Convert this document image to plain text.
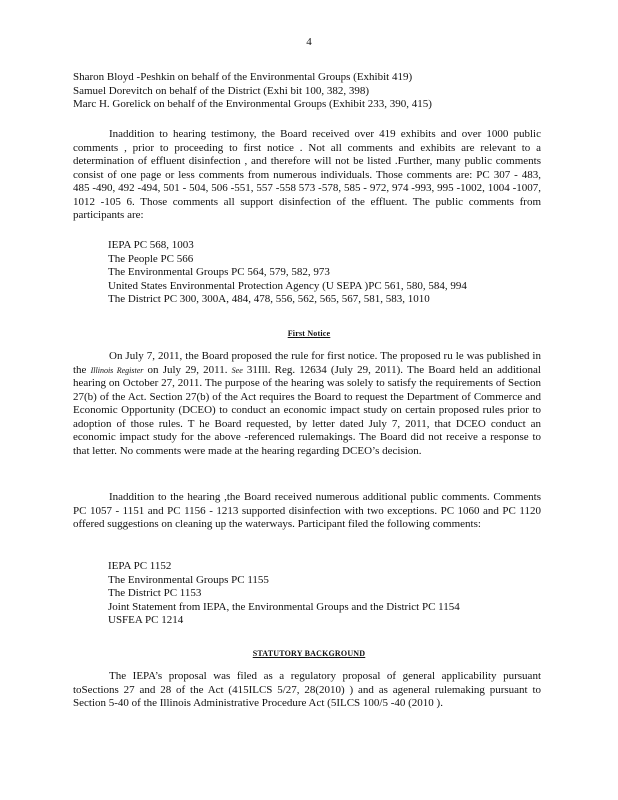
4
Sharon Bloyd -Peshkin on behalf of the Environmental Groups (Exhibit 419)
Samuel Dorevitch on behalf of the District (Exhi bit 100, 382, 398)
Marc H. Gorelick on behalf of the Environmental Groups (Exhibit 233, 390, 415)
Inaddition to hearing testimony, the Board received over 419 exhibits and over 1000 public comments , prior to proceeding to first notice . Not all comments and exhibits are relevant to a determination of effluent disinfection , and therefore will not be listed .Further, many public comments consist of one page or less comments from numerous individuals. Those comments are: PC 307 - 483, 485 -490, 492 -494, 501 - 504, 506 -551, 557 -558 573 -578, 585 - 972, 974 -993, 995 -1002, 1004 -1007, 1012 -105 6. Those comments all support disinfection of the effluent. The public comments from participants are:
IEPA PC 568, 1003
The People PC 566
The Environmental Groups PC 564, 579, 582, 973
United States Environmental Protection Agency (U SEPA )PC 561, 580, 584, 994
The District PC 300, 300A, 484, 478, 556, 562, 565, 567, 581, 583, 1010
First Notice
On July 7, 2011, the Board proposed the rule for first notice. The proposed ru le was published in the Illinois Register on July 29, 2011. See 31Ill. Reg. 12634 (July 29, 2011). The Board held an additional hearing on October 27, 2011. The purpose of the hearing was solely to satisfy the requirements of Section 27(b) of the Act. Section 27(b) of the Act requires the Board to request the Department of Commerce and Economic Opportunity (DCEO) to conduct an economic impact study on certain proposed rules prior to adoption of those rules. T he Board requested, by letter dated July 7, 2011, that DCEO conduct an economic impact study for the above -referenced rulemakings. The Board did not receive a response to that letter. No comments were made at the hearing regarding DCEO’s decision.
Inaddition to the hearing ,the Board received numerous additional public comments. Comments PC 1057 - 1151 and PC 1156 - 1213 supported disinfection with two exceptions. PC 1060 and PC 1120 offered suggestions on cleaning up the waterways. Participant filed the following comments:
IEPA PC 1152
The Environmental Groups PC 1155
The District PC 1153
Joint Statement from IEPA, the Environmental Groups and the District PC 1154
USFEA PC 1214
STATUTORY BACKGROUND
The IEPA’s proposal was filed as a regulatory proposal of general applicability pursuant toSections 27 and 28 of the Act (415ILCS 5/27, 28(2010) ) and as ageneral rulemaking pursuant to Section 5-40 of the Illinois Administrative Procedure Act (5ILCS 100/5 -40 (2010 ).
